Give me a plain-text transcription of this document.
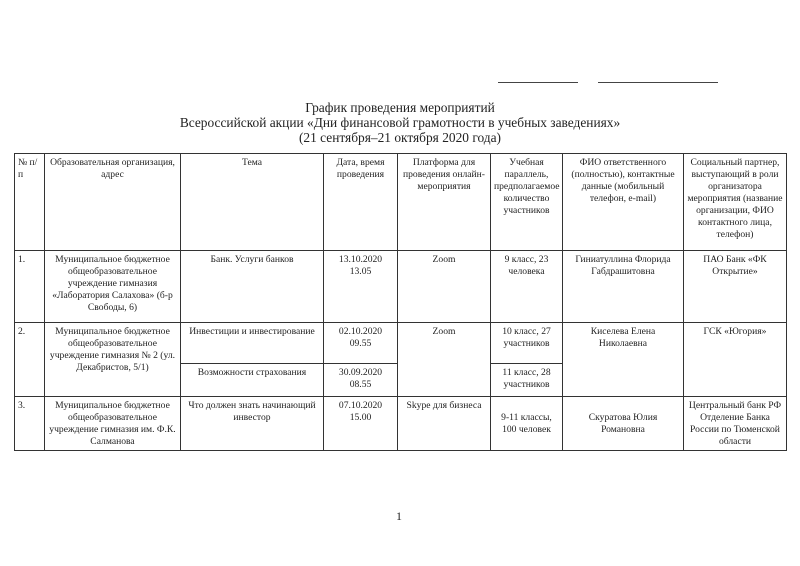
График проведения мероприятий
Всероссийской акции «Дни финансовой грамотности в учебных заведениях»
(21 сентября–21 октября 2020 года)
№ п/п	Образовательная организация, адрес	Тема	Дата, время проведения	Платформа для проведения онлайн-мероприятия	Учебная параллель, предполагаемое количество участников	ФИО ответственного (полностью), контактные данные (мобильный телефон, e-mail)	Социальный партнер, выступающий в роли организатора мероприятия (название организации, ФИО контактного лица, телефон)
1.	Муниципальное бюджетное общеобразовательное учреждение гимназия «Лаборатория Салахова» (б-р Свободы, 6)	Банк. Услуги банков	13.10.2020 13.05	Zoom	9 класс, 23 человека	Гиниатуллина Флорида Габдрашитовна	ПАО Банк «ФК Открытие»
2.	Муниципальное бюджетное общеобразовательное учреждение гимназия № 2 (ул. Декабристов, 5/1)	Инвестиции и инвестирование	02.10.2020 09.55	Zoom	10 класс, 27 участников	Киселева Елена Николаевна	ГСК «Югория»
		Возможности страхования	30.09.2020 08.55		11 класс, 28 участников		
3.	Муниципальное бюджетное общеобразовательное учреждение гимназия им. Ф.К. Салманова	Что должен знать начинающий инвестор	07.10.2020 15.00	Skype для бизнеса	9-11 классы, 100 человек	Скуратова Юлия Романовна	Центральный банк РФ Отделение Банка России по Тюменской области
1
